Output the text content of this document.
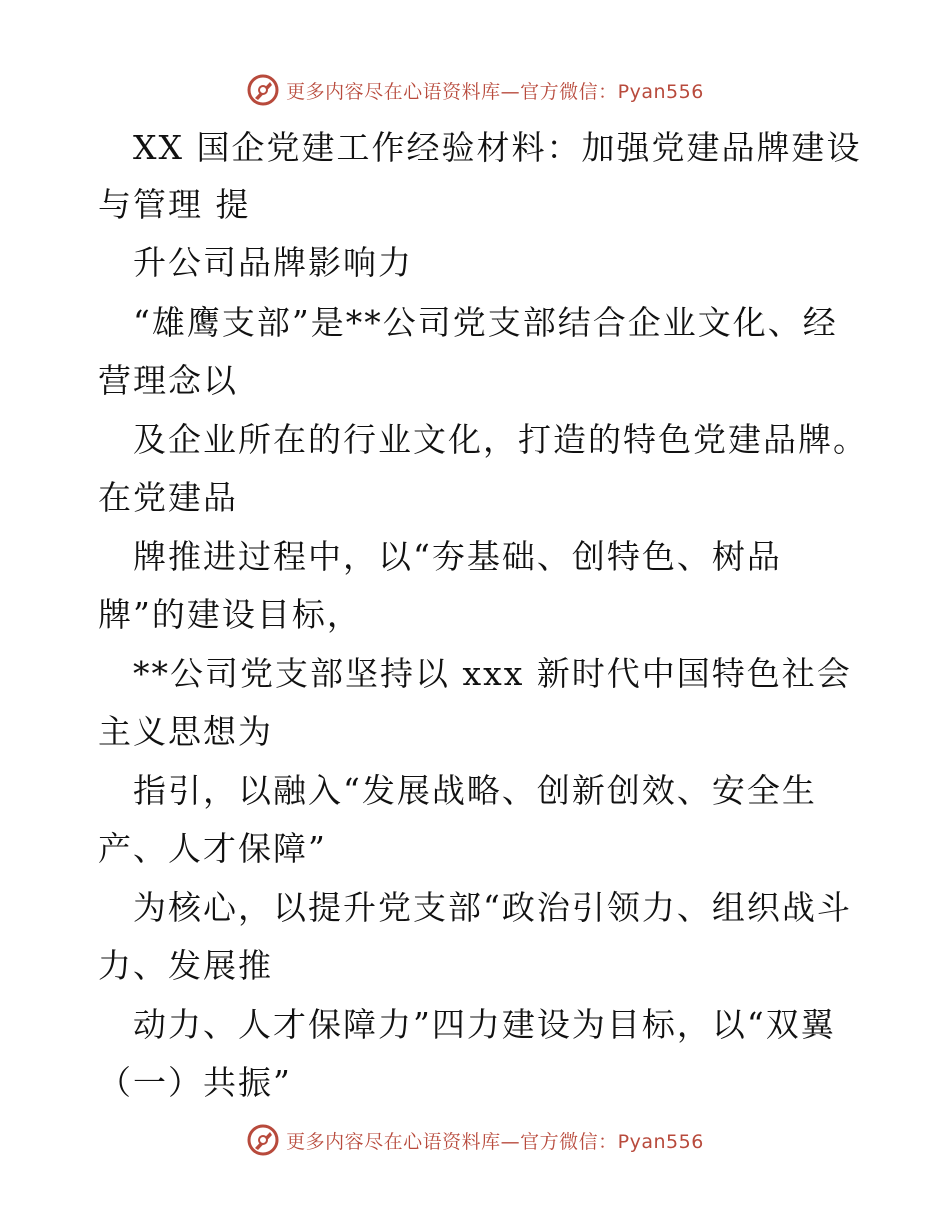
更多内容尽在心语资料库—官方微信：Pyan556
XX 国企党建工作经验材料：加强党建品牌建设
与管理 提
升公司品牌影响力
“雄鹰支部”是**公司党支部结合企业文化、经
营理念以
及企业所在的行业文化，打造的特色党建品牌。
在党建品
牌推进过程中，以“夯基础、创特色、树品
牌”的建设目标，
**公司党支部坚持以 xxx 新时代中国特色社会
主义思想为
指引，以融入“发展战略、创新创效、安全生
产、人才保障”
为核心，以提升党支部“政治引领力、组织战斗
力、发展推
动力、人才保障力”四力建设为目标，以“双翼
（一）共振”
更多内容尽在心语资料库—官方微信：Pyan556
